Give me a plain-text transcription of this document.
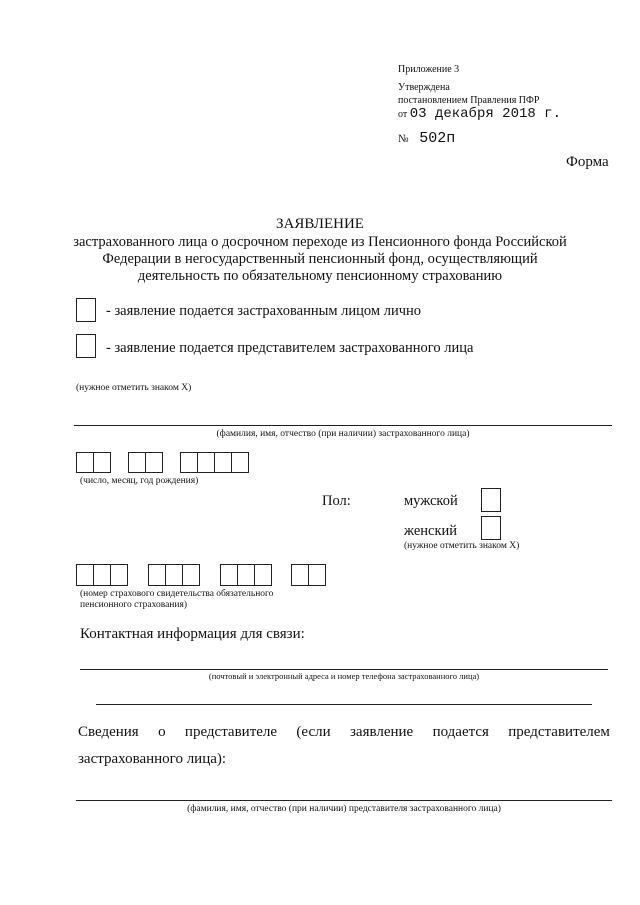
Приложение 3
Утверждена
постановлением Правления ПФР
от 03 декабря 2018 г.
№ 502п
Форма
ЗАЯВЛЕНИЕ
застрахованного лица о досрочном переходе из Пенсионного фонда Российской
Федерации в негосударственный пенсионный фонд, осуществляющий
деятельность по обязательному пенсионному страхованию
- заявление подается застрахованным лицом лично
- заявление подается представителем застрахованного лица
(нужное отметить знаком Х)
(фамилия, имя, отчество (при наличии) застрахованного лица)
(число, месяц, год рождения)
Пол:	мужской
женский
(нужное отметить знаком Х)
(номер страхового свидетельства обязательного
пенсионного страхования)
Контактная информация для связи:
(почтовый и электронный адреса и номер телефона застрахованного лица)
Сведения о представителе (если заявление подается представителем
застрахованного лица):
(фамилия, имя, отчество (при наличии) представителя застрахованного лица)
